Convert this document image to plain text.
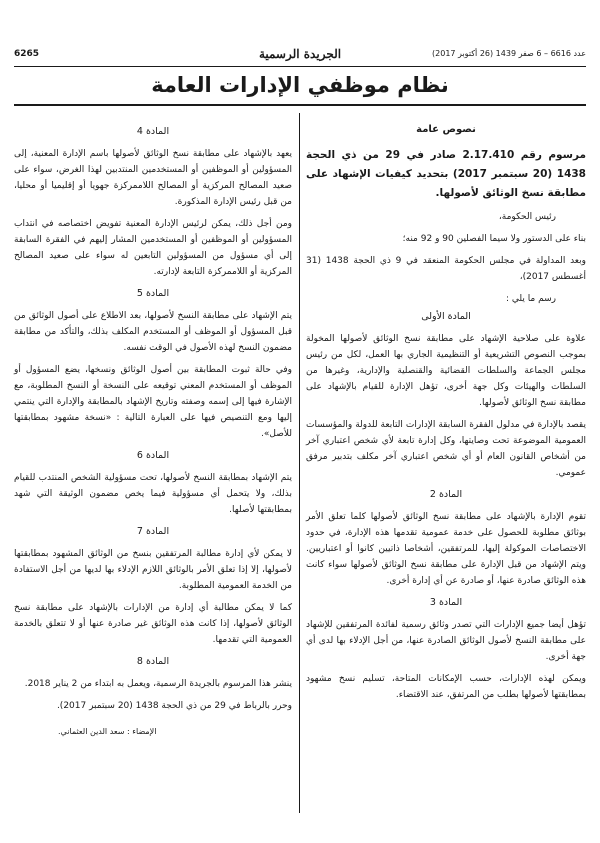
6265	الجريدة الرسمية	عدد 6616 – 6 صفر 1439 (26 أكتوبر 2017)
نظام موظفي الإدارات العامة
نصوص عامة

مرسوم رقم 2.17.410 صادر في 29 من ذي الحجة 1438 (20 سبتمبر 2017) بتحديد كيفيات الإشهاد على مطابقة نسخ الوثائق لأصولها.

رئيس الحكومة،

بناء على الدستور ولا سيما الفصلين 90 و 92 منه؛

وبعد المداولة في مجلس الحكومة المنعقد في 9 ذي الحجة 1438 (31 أغسطس 2017)،

رسم ما يلي :

المادة الأولى

علاوة على صلاحية الإشهاد على مطابقة نسخ الوثائق لأصولها المخولة بموجب النصوص التشريعية أو التنظيمية الجاري بها العمل، لكل من رئيس مجلس الجماعة والسلطات القضائية والقنصلية والإدارية، وغيرها من السلطات والهيئات وكل جهة أخرى، تؤهل الإدارة للقيام بالإشهاد على مطابقة نسخ الوثائق لأصولها.

يقصد بالإدارة في مدلول الفقرة السابقة الإدارات التابعة للدولة والمؤسسات العمومية الموضوعة تحت وصايتها، وكل إدارة تابعة لأي شخص اعتباري آخر من أشخاص القانون العام أو أي شخص اعتباري آخر مكلف بتدبير مرفق عمومي.

المادة 2

تقوم الإدارة بالإشهاد على مطابقة نسخ الوثائق لأصولها كلما تعلق الأمر بوثائق مطلوبة للحصول على خدمة عمومية تقدمها هذه الإدارة، في حدود الاختصاصات الموكولة إليها، للمرتفقين، أشخاصا ذاتيين كانوا أو اعتباريين. ويتم الإشهاد من قبل الإدارة على مطابقة نسخ الوثائق لأصولها سواء كانت هذه الوثائق صادرة عنها، أو صادرة عن أي إدارة أخرى.

المادة 3

تؤهل أيضا جميع الإدارات التي تصدر وثائق رسمية لفائدة المرتفقين للإشهاد على مطابقة النسخ لأصول الوثائق الصادرة عنها، من أجل الإدلاء بها لدى أي جهة أخرى.

ويمكن لهذه الإدارات، حسب الإمكانات المتاحة، تسليم نسخ مشهود بمطابقتها لأصولها بطلب من المرتفق، عند الاقتضاء.

المادة 4

يعهد بالإشهاد على مطابقة نسخ الوثائق لأصولها باسم الإدارة المعنية، إلى المسؤولين أو الموظفين أو المستخدمين المنتدبين لهذا الغرض، سواء على صعيد المصالح المركزية أو المصالح اللاممركزة جهويا أو إقليميا أو محليا، من قبل رئيس الإدارة المذكورة.

ومن أجل ذلك، يمكن لرئيس الإدارة المعنية تفويض اختصاصه في انتداب المسؤولين أو الموظفين أو المستخدمين المشار إليهم في الفقرة السابقة إلى أي مسؤول من المسؤولين التابعين له سواء على صعيد المصالح المركزية أو اللاممركزة التابعة لإدارته.

المادة 5

يتم الإشهاد على مطابقة النسخ لأصولها، بعد الاطلاع على أصول الوثائق من قبل المسؤول أو الموظف أو المستخدم المكلف بذلك، والتأكد من مطابقة مضمون النسخ لهذه الأصول في الوقت نفسه.

وفي حالة ثبوت المطابقة بين أصول الوثائق ونسخها، يضع المسؤول أو الموظف أو المستخدم المعني توقيعه على النسخة أو النسخ المطلوبة، مع الإشارة فيها إلى إسمه وصفته وتاريخ الإشهاد بالمطابقة والإدارة التي ينتمي إليها ومع التنصيص فيها على العبارة التالية : «نسخة مشهود بمطابقتها للأصل».

المادة 6

يتم الإشهاد بمطابقة النسخ لأصولها، تحت مسؤولية الشخص المنتدب للقيام بذلك، ولا يتحمل أي مسؤولية فيما يخص مضمون الوثيقة التي شهد بمطابقتها لأصلها.

المادة 7

لا يمكن لأي إدارة مطالبة المرتفقين بنسخ من الوثائق المشهود بمطابقتها لأصولها، إلا إذا تعلق الأمر بالوثائق اللازم الإدلاء بها لديها من أجل الاستفادة من الخدمة العمومية المطلوبة.

كما لا يمكن مطالبة أي إدارة من الإدارات بالإشهاد على مطابقة نسخ الوثائق لأصولها، إذا كانت هذه الوثائق غير صادرة عنها أو لا تتعلق بالخدمة العمومية التي تقدمها.

المادة 8

ينشر هذا المرسوم بالجريدة الرسمية، ويعمل به ابتداء من 2 يناير 2018.

وحرر بالرباط في 29 من ذي الحجة 1438 (20 سبتمبر 2017).

الإمضاء : سعد الدين العثماني.
